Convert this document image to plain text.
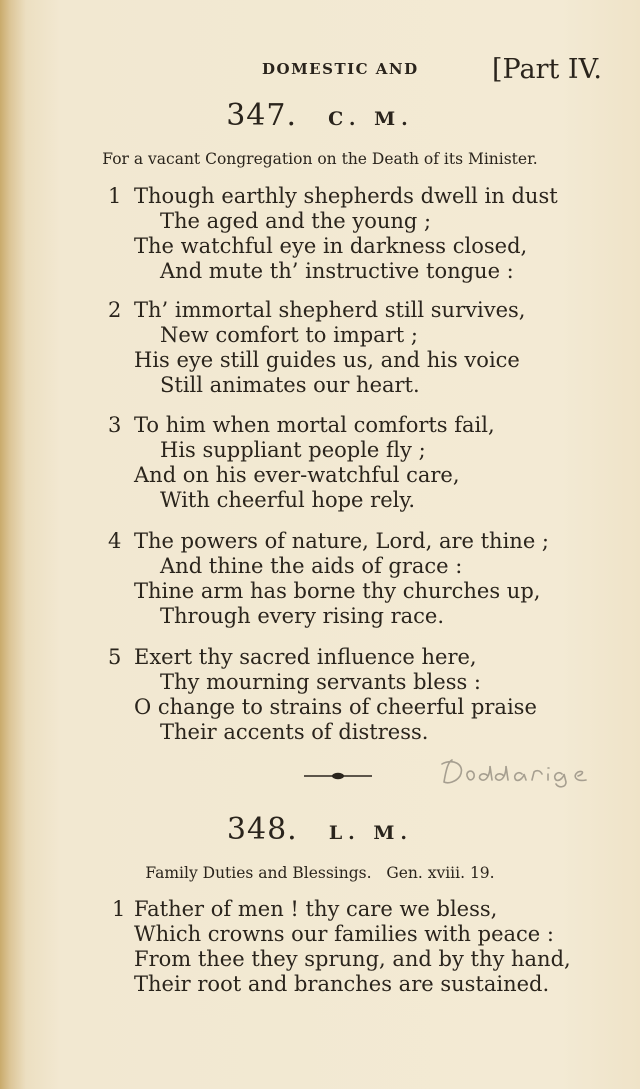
DOMESTIC AND	[Part IV.
347. C. M.
For a vacant Congregation on the Death of its Minister.
1 Though earthly shepherds dwell in dust
The aged and the young ;
The watchful eye in darkness closed,
And mute th’ instructive tongue :
2 Th’ immortal shepherd still survives,
New comfort to impart ;
His eye still guides us, and his voice
Still animates our heart.
3 To him when mortal comforts fail,
His suppliant people fly ;
And on his ever-watchful care,
With cheerful hope rely.
4 The powers of nature, Lord, are thine ;
And thine the aids of grace :
Thine arm has borne thy churches up,
Through every rising race.
5 Exert thy sacred influence here,
Thy mourning servants bless :
O change to strains of cheerful praise
Their accents of distress.
348. L. M.
Family Duties and Blessings.   Gen. xviii. 19.
1 Father of men ! thy care we bless,
Which crowns our families with peace :
From thee they sprung, and by thy hand,
Their root and branches are sustained.
